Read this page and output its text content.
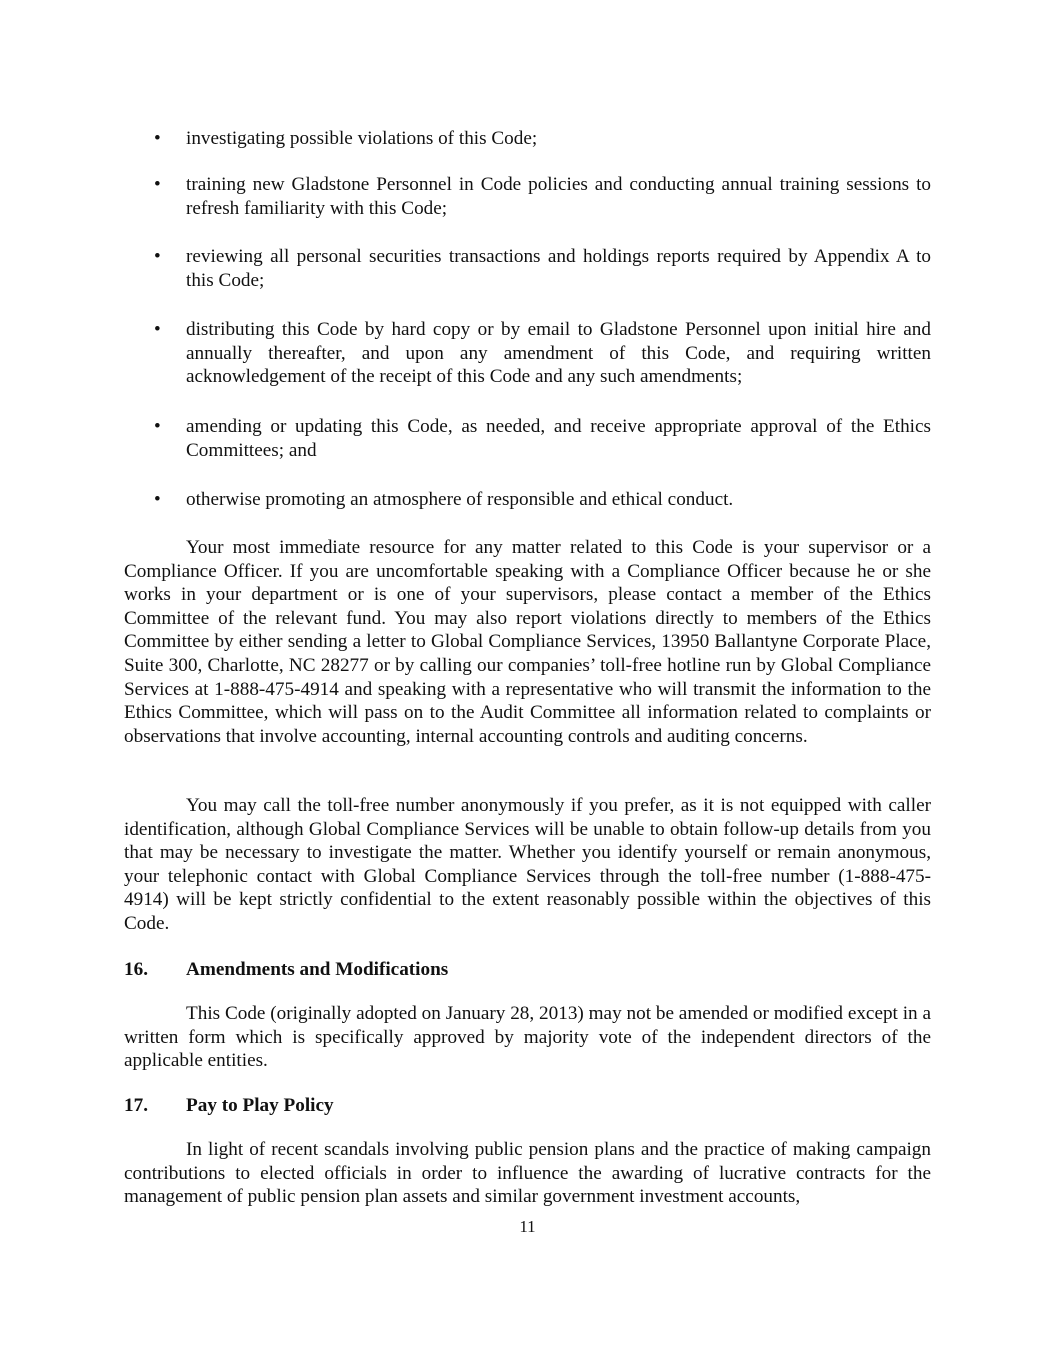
•	investigating possible violations of this Code;
•	training new Gladstone Personnel in Code policies and conducting annual training sessions to refresh familiarity with this Code;
•	reviewing all personal securities transactions and holdings reports required by Appendix A to this Code;
•	distributing this Code by hard copy or by email to Gladstone Personnel upon initial hire and annually thereafter, and upon any amendment of this Code, and requiring written acknowledgement of the receipt of this Code and any such amendments;
•	amending or updating this Code, as needed, and receive appropriate approval of the Ethics Committees; and
•	otherwise promoting an atmosphere of responsible and ethical conduct.
Your most immediate resource for any matter related to this Code is your supervisor or a Compliance Officer. If you are uncomfortable speaking with a Compliance Officer because he or she works in your department or is one of your supervisors, please contact a member of the Ethics Committee of the relevant fund. You may also report violations directly to members of the Ethics Committee by either sending a letter to Global Compliance Services, 13950 Ballantyne Corporate Place, Suite 300, Charlotte, NC 28277 or by calling our companies’ toll-free hotline run by Global Compliance Services at 1-888-475-4914 and speaking with a representative who will transmit the information to the Ethics Committee, which will pass on to the Audit Committee all information related to complaints or observations that involve accounting, internal accounting controls and auditing concerns.
You may call the toll-free number anonymously if you prefer, as it is not equipped with caller identification, although Global Compliance Services will be unable to obtain follow-up details from you that may be necessary to investigate the matter. Whether you identify yourself or remain anonymous, your telephonic contact with Global Compliance Services through the toll-free number (1-888-475-4914) will be kept strictly confidential to the extent reasonably possible within the objectives of this Code.
16. Amendments and Modifications
This Code (originally adopted on January 28, 2013) may not be amended or modified except in a written form which is specifically approved by majority vote of the independent directors of the applicable entities.
17. Pay to Play Policy
In light of recent scandals involving public pension plans and the practice of making campaign contributions to elected officials in order to influence the awarding of lucrative contracts for the management of public pension plan assets and similar government investment accounts,
11
